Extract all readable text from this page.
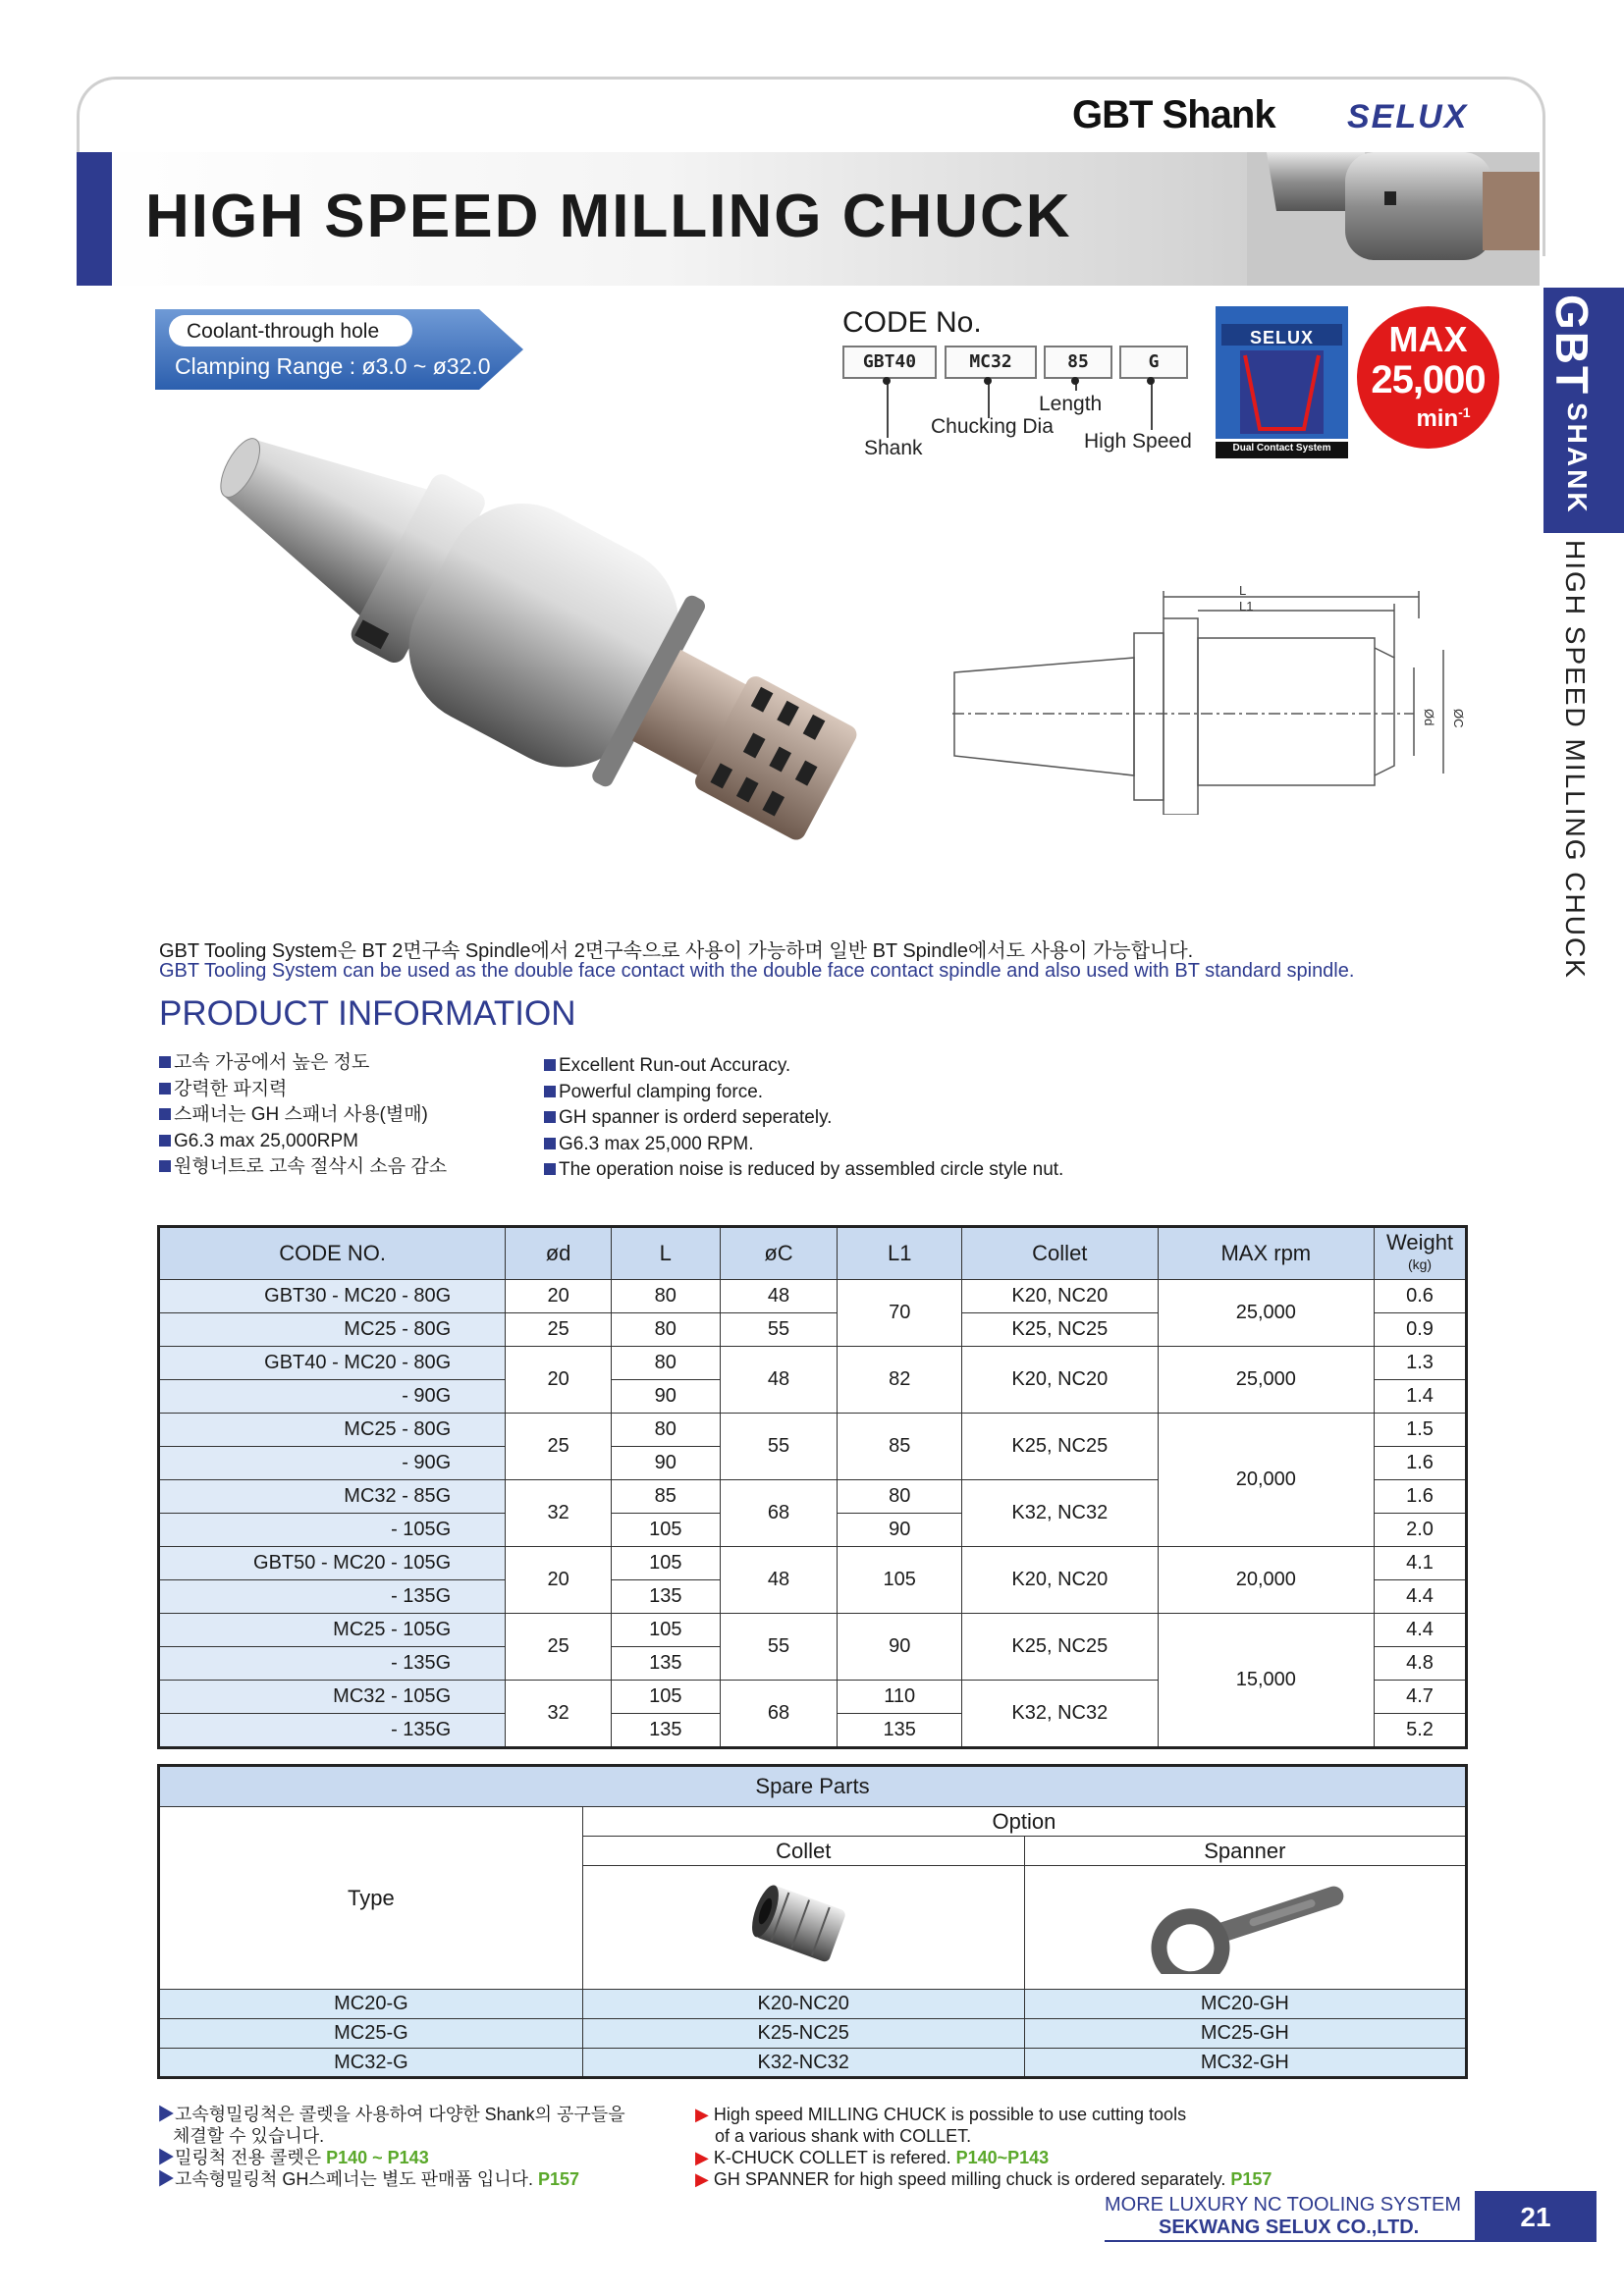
GBT Shank SELUX
HIGH SPEED MILLING CHUCK
GBT
SHANK
HIGH SPEED MILLING CHUCK
Coolant-through hole
Clamping Range : ø3.0 ~ ø32.0
CODE No.
GBT40	MC32	85	G
Shank
Chucking Dia
Length
High Speed
SELUX
Dual Contact System
MAX
25,000
$\min^{-1}$
L
L1
Ød ØC
GBT Tooling System은 BT 2면구속 Spindle에서 2면구속으로 사용이 가능하며 일반 BT Spindle에서도 사용이 가능합니다.
GBT Tooling System can be used as the double face contact with the double face contact spindle and also used with BT standard spindle.
PRODUCT INFORMATION
고속 가공에서 높은 정도
강력한 파지력
스패너는 GH 스패너 사용(별매)
G6.3 max 25,000RPM
원형너트로 고속 절삭시 소음 감소
Excellent Run-out Accuracy.
Powerful clamping force.
GH spanner is orderd seperately.
G6.3 max 25,000 RPM.
The operation noise is reduced by assembled circle style nut.
CODE NO.	ød	L	øC	L1	Collet	MAX rpm	Weight
(kg)
GBT30 - MC20 - 80G	20	80	48	70	K20, NC20	25,000	0.6
MC25 - 80G	25	80	55		K25, NC25		0.9
GBT40 - MC20 - 80G	20	80	48	82	K20, NC20	25,000	1.3
- 90G		90					1.4
MC25 - 80G	25	80	55	85	K25, NC25	20,000	1.5
- 90G		90					1.6
MC32 - 85G	32	85	68	80	K32, NC32		1.6
- 105G		105		90			2.0
GBT50 - MC20 - 105G	20	105	48	105	K20, NC20	20,000	4.1
- 135G		135					4.4
MC25 - 105G	25	105	55	90	K25, NC25	15,000	4.4
- 135G		135					4.8
MC32 - 105G	32	105	68	110	K32, NC32		4.7
- 135G		135		135			5.2
Spare Parts		
Type	Option	
	Collet	Spanner

MC20-G	K20-NC20	MC20-GH
MC25-G	K25-NC25	MC25-GH
MC32-G	K32-NC32	MC32-GH
▶고속형밀링척은 콜렛을 사용하여 다양한 Shank의 공구들을
체결할 수 있습니다.
▶밀링척 전용 콜렛은 P140 ~ P143
▶고속형밀링척 GH스페너는 별도 판매품 입니다. P157
▶ High speed MILLING CHUCK is possible to use cutting tools
of a various shank with COLLET.
▶ K-CHUCK COLLET is refered. P140~P143
▶ GH SPANNER for high speed milling chuck is ordered separately. P157
MORE LUXURY NC TOOLING SYSTEM
SEKWANG SELUX CO.,LTD.	21
